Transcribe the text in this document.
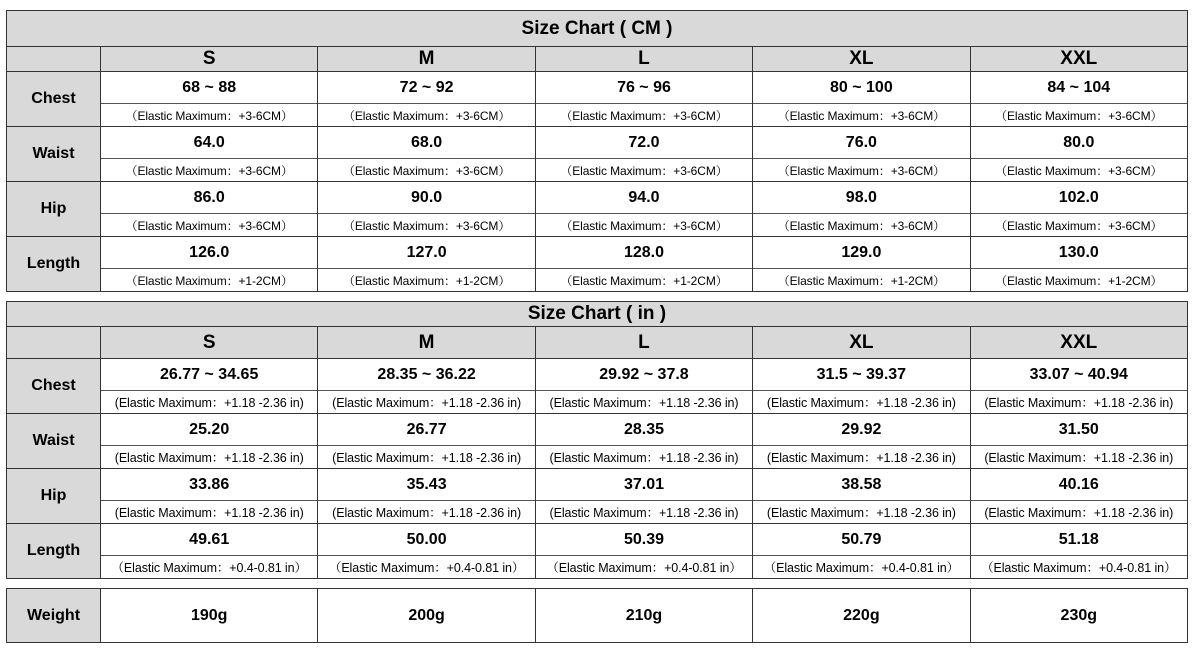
Size Chart ( CM )					
	S	M	L	XL	XXL
Chest	68 ~ 88	72 ~ 92	76 ~ 96	80 ~ 100	84 ~ 104
	（Elastic Maximum：+3-6CM）	（Elastic Maximum：+3-6CM）	（Elastic Maximum：+3-6CM）	（Elastic Maximum：+3-6CM）	（Elastic Maximum：+3-6CM）
Waist	64.0	68.0	72.0	76.0	80.0
	（Elastic Maximum：+3-6CM）	（Elastic Maximum：+3-6CM）	（Elastic Maximum：+3-6CM）	（Elastic Maximum：+3-6CM）	（Elastic Maximum：+3-6CM）
Hip	86.0	90.0	94.0	98.0	102.0
	（Elastic Maximum：+3-6CM）	（Elastic Maximum：+3-6CM）	（Elastic Maximum：+3-6CM）	（Elastic Maximum：+3-6CM）	（Elastic Maximum：+3-6CM）
Length	126.0	127.0	128.0	129.0	130.0
	（Elastic Maximum：+1-2CM）	（Elastic Maximum：+1-2CM）	（Elastic Maximum：+1-2CM）	（Elastic Maximum：+1-2CM）	（Elastic Maximum：+1-2CM）
Size Chart ( in )					
	S	M	L	XL	XXL
Chest	26.77 ~ 34.65	28.35 ~ 36.22	29.92 ~ 37.8	31.5 ~ 39.37	33.07 ~ 40.94
	(Elastic Maximum：+1.18 -2.36 in)	(Elastic Maximum：+1.18 -2.36 in)	(Elastic Maximum：+1.18 -2.36 in)	(Elastic Maximum：+1.18 -2.36 in)	(Elastic Maximum：+1.18 -2.36 in)
Waist	25.20	26.77	28.35	29.92	31.50
	(Elastic Maximum：+1.18 -2.36 in)	(Elastic Maximum：+1.18 -2.36 in)	(Elastic Maximum：+1.18 -2.36 in)	(Elastic Maximum：+1.18 -2.36 in)	(Elastic Maximum：+1.18 -2.36 in)
Hip	33.86	35.43	37.01	38.58	40.16
	(Elastic Maximum：+1.18 -2.36 in)	(Elastic Maximum：+1.18 -2.36 in)	(Elastic Maximum：+1.18 -2.36 in)	(Elastic Maximum：+1.18 -2.36 in)	(Elastic Maximum：+1.18 -2.36 in)
Length	49.61	50.00	50.39	50.79	51.18
	（Elastic Maximum：+0.4-0.81 in）	（Elastic Maximum：+0.4-0.81 in）	（Elastic Maximum：+0.4-0.81 in）	（Elastic Maximum：+0.4-0.81 in）	（Elastic Maximum：+0.4-0.81 in）
Weight	190g	200g	210g	220g	230g
